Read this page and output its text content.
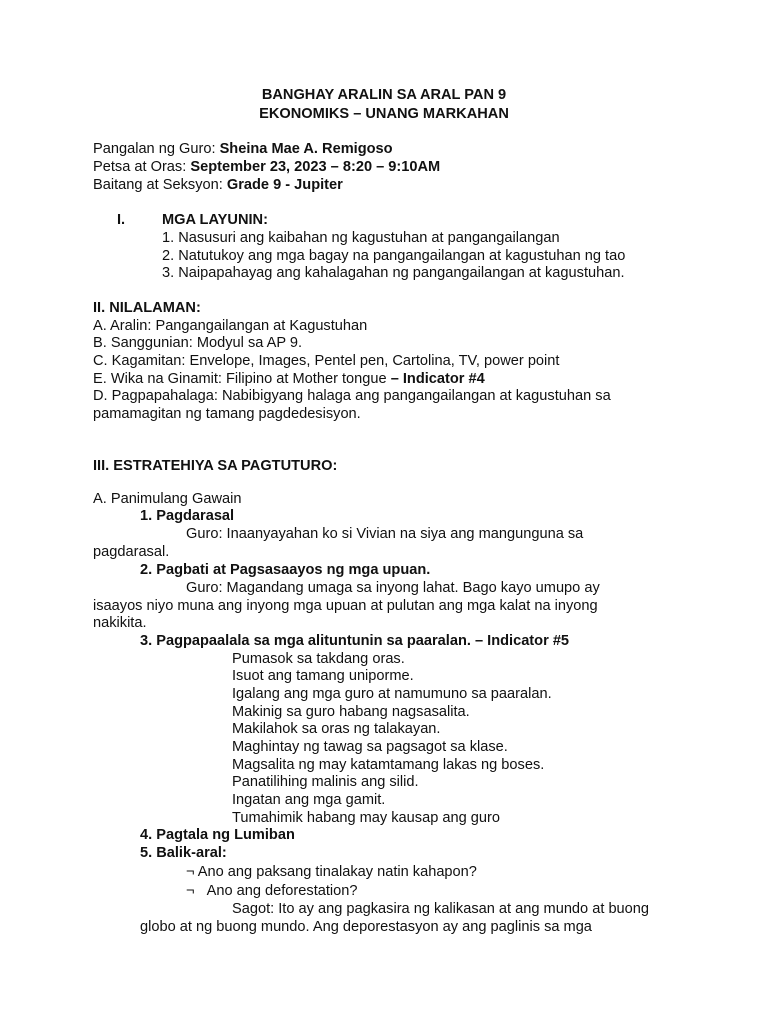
BANGHAY ARALIN SA ARAL PAN 9
EKONOMIKS – UNANG MARKAHAN
Pangalan ng Guro: Sheina Mae A. Remigoso
Petsa at Oras: September 23, 2023 – 8:20 – 9:10AM
Baitang at Seksyon: Grade 9 - Jupiter
I.	MGA LAYUNIN:
1. Nasusuri ang kaibahan ng kagustuhan at pangangailangan
2. Natutukoy ang mga bagay na pangangailangan at kagustuhan ng tao
3. Naipapahayag ang kahalagahan ng pangangailangan at kagustuhan.
II. NILALAMAN:
A. Aralin: Pangangailangan at Kagustuhan
B. Sanggunian: Modyul sa AP 9.
C. Kagamitan: Envelope, Images, Pentel pen, Cartolina, TV, power point
E. Wika na Ginamit: Filipino at Mother tongue – Indicator #4
D. Pagpapahalaga: Nabibigyang halaga ang pangangailangan at kagustuhan sa
pamamagitan ng tamang pagdedesisyon.
III. ESTRATEHIYA SA PAGTUTURO:
A. Panimulang Gawain
1. Pagdarasal
Guro: Inaanyayahan ko si Vivian na siya ang mangunguna sa
pagdarasal.
2. Pagbati at Pagsasaayos ng mga upuan.
Guro: Magandang umaga sa inyong lahat. Bago kayo umupo ay
isaayos niyo muna ang inyong mga upuan at pulutan ang mga kalat na inyong
nakikita.
3. Pagpapaalala sa mga alituntunin sa paaralan. – Indicator #5
Pumasok sa takdang oras.
Isuot ang tamang uniporme.
Igalang ang mga guro at namumuno sa paaralan.
Makinig sa guro habang nagsasalita.
Makilahok sa oras ng talakayan.
Maghintay ng tawag sa pagsagot sa klase.
Magsalita ng may katamtamang lakas ng boses.
Panatilihing malinis ang silid.
Ingatan ang mga gamit.
Tumahimik habang may kausap ang guro
4. Pagtala ng Lumiban
5. Balik-aral:
¬ Ano ang paksang tinalakay natin kahapon?
¬ Ano ang deforestation?
Sagot: Ito ay ang pagkasira ng kalikasan at ang mundo at buong
globo at ng buong mundo. Ang deporestasyon ay ang paglinis sa mga
